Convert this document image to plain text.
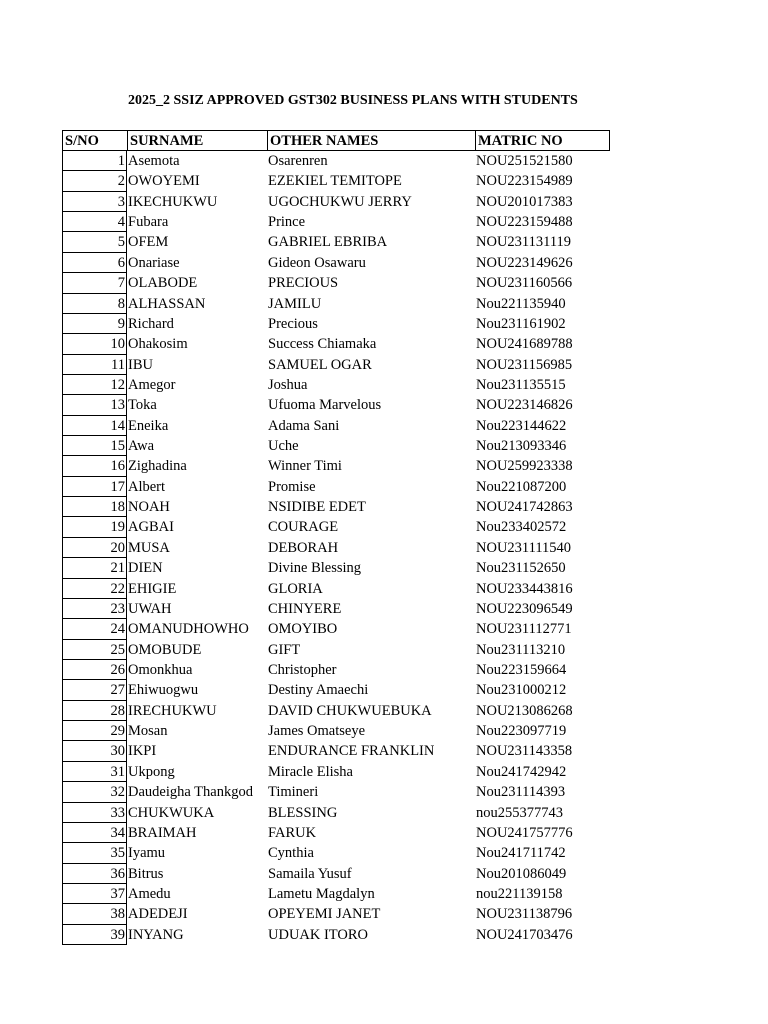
2025_2 SSIZ APPROVED GST302 BUSINESS PLANS WITH STUDENTS
S/NO	SURNAME	OTHER NAMES	MATRIC NO
1 Asemota	Osarenren	NOU251521580
2 OWOYEMI	EZEKIEL TEMITOPE	NOU223154989
3 IKECHUKWU	UGOCHUKWU JERRY	NOU201017383
4 Fubara	Prince	NOU223159488
5 OFEM	GABRIEL EBRIBA	NOU231131119
6 Onariase	Gideon Osawaru	NOU223149626
7 OLABODE	PRECIOUS	NOU231160566
8 ALHASSAN	JAMILU	Nou221135940
9 Richard	Precious	Nou231161902
10 Ohakosim	Success Chiamaka	NOU241689788
11 IBU	SAMUEL OGAR	NOU231156985
12 Amegor	Joshua	Nou231135515
13 Toka	Ufuoma Marvelous	NOU223146826
14 Eneika	Adama Sani	Nou223144622
15 Awa	Uche	Nou213093346
16 Zighadina	Winner Timi	NOU259923338
17 Albert	Promise	Nou221087200
18 NOAH	NSIDIBE EDET	NOU241742863
19 AGBAI	COURAGE	Nou233402572
20 MUSA	DEBORAH	NOU231111540
21 DIEN	Divine Blessing	Nou231152650
22 EHIGIE	GLORIA	NOU233443816
23 UWAH	CHINYERE	NOU223096549
24 OMANUDHOWHO	OMOYIBO	NOU231112771
25 OMOBUDE	GIFT	Nou231113210
26 Omonkhua	Christopher	Nou223159664
27 Ehiwuogwu	Destiny Amaechi	Nou231000212
28 IRECHUKWU	DAVID CHUKWUEBUKA	NOU213086268
29 Mosan	James Omatseye	Nou223097719
30 IKPI	ENDURANCE FRANKLIN	NOU231143358
31 Ukpong	Miracle Elisha	Nou241742942
32 Daudeigha Thankgod	Timineri	Nou231114393
33 CHUKWUKA	BLESSING	nou255377743
34 BRAIMAH	FARUK	NOU241757776
35 Iyamu	Cynthia	Nou241711742
36 Bitrus	Samaila Yusuf	Nou201086049
37 Amedu	Lametu Magdalyn	nou221139158
38 ADEDEJI	OPEYEMI JANET	NOU231138796
39 INYANG	UDUAK ITORO	NOU241703476
